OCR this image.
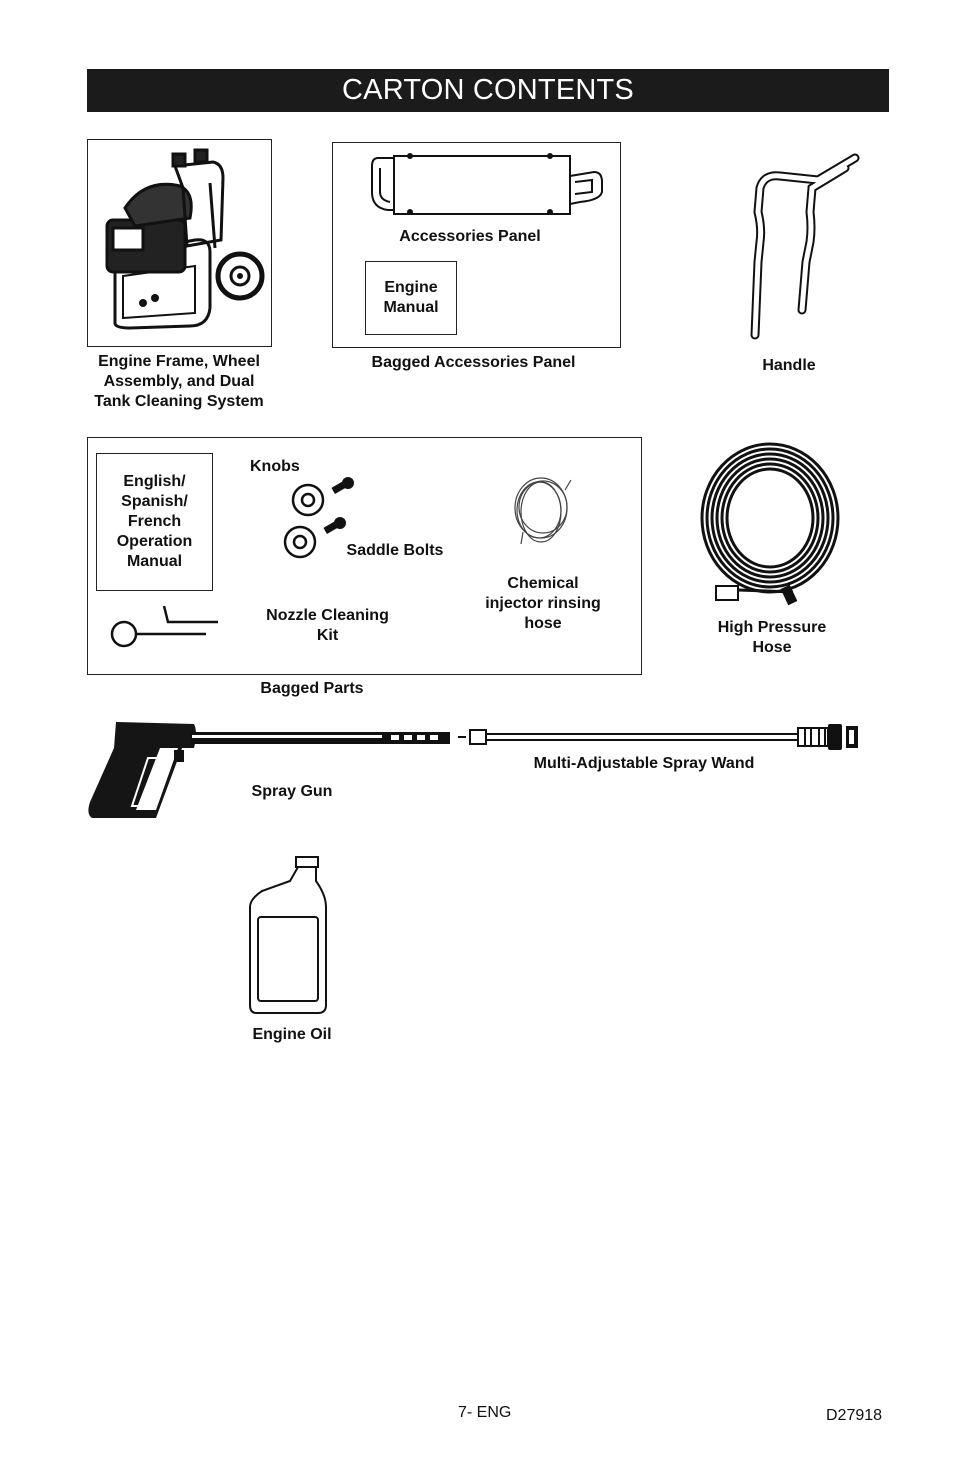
CARTON CONTENTS
Engine Frame, Wheel
Assembly, and Dual
Tank Cleaning System
Accessories Panel
Engine
Manual
Bagged Accessories Panel	Handle
English/
Spanish/
French
Operation
Manual
Knobs
Saddle Bolts
Chemical
injector rinsing
hose
Nozzle Cleaning
Kit
Bagged Parts
High Pressure
Hose
Multi-Adjustable Spray Wand
Spray Gun
Engine Oil
7- ENG	D27918
